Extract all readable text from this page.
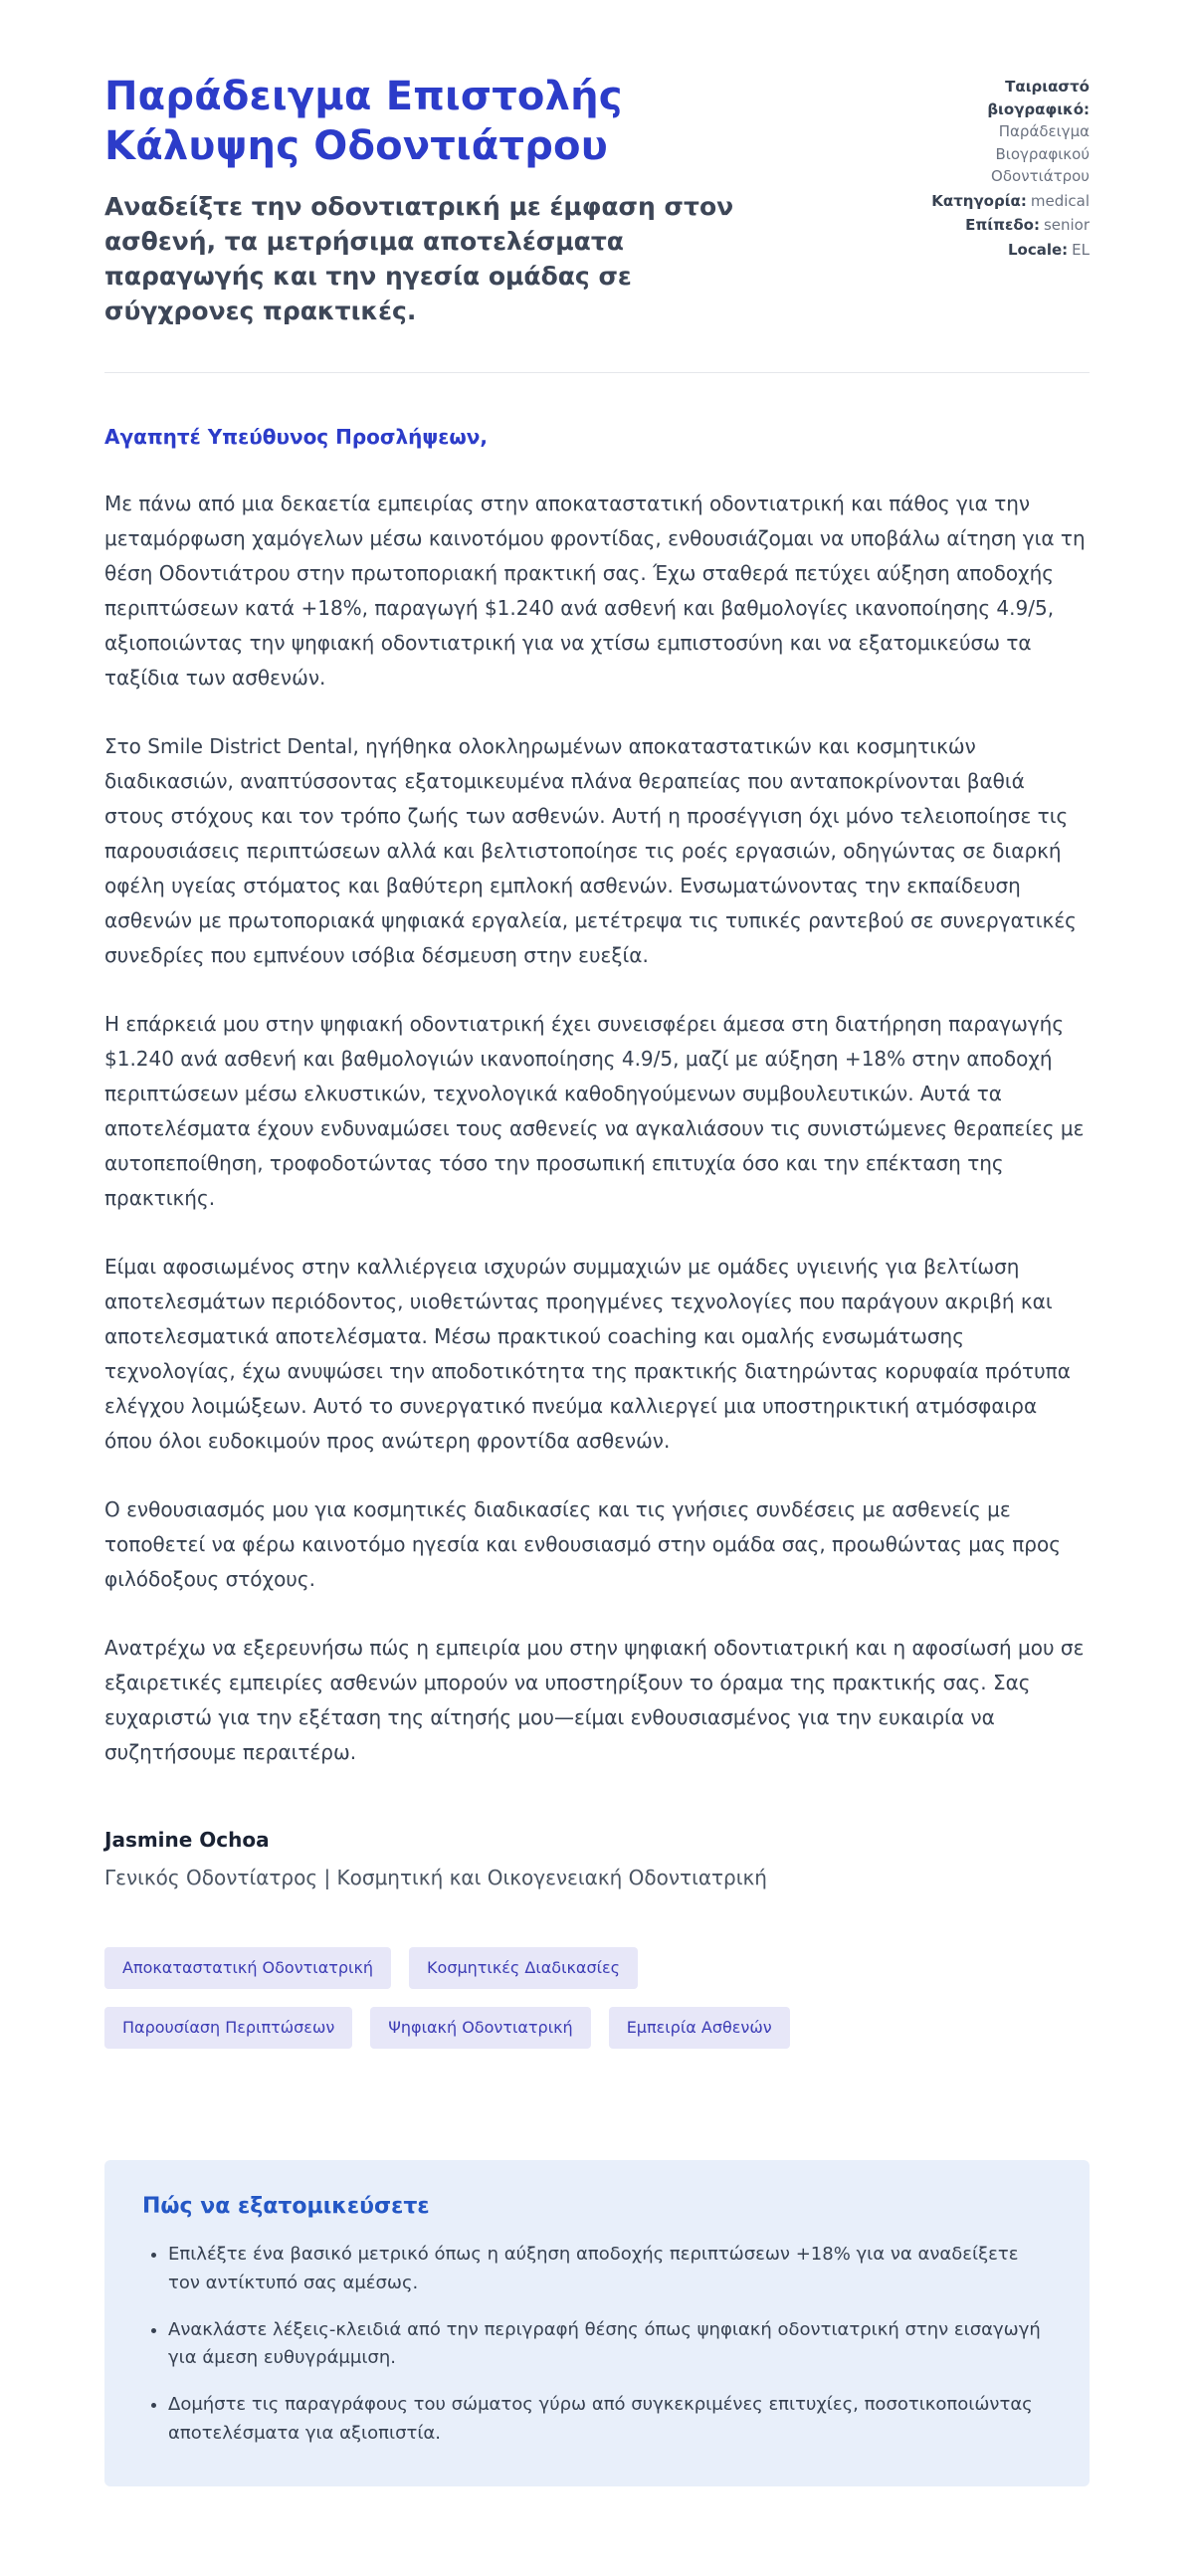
Παράδειγμα Επιστολής Κάλυψης Οδοντιάτρου

Αναδείξτε την οδοντιατρική με έμφαση στον ασθενή, τα μετρήσιμα αποτελέσματα παραγωγής και την ηγεσία ομάδας σε σύγχρονες πρακτικές.

Ταιριαστό βιογραφικό:
Παράδειγμα Βιογραφικού Οδοντιάτρου
Κατηγορία: medical
Επίπεδο: senior
Locale: EL
Αγαπητέ Υπεύθυνος Προσλήψεων,

Με πάνω από μια δεκαετία εμπειρίας στην αποκαταστατική οδοντιατρική και πάθος για την μεταμόρφωση χαμόγελων μέσω καινοτόμου φροντίδας, ενθουσιάζομαι να υποβάλω αίτηση για τη θέση Οδοντιάτρου στην πρωτοποριακή πρακτική σας. Έχω σταθερά πετύχει αύξηση αποδοχής περιπτώσεων κατά +18%, παραγωγή $1.240 ανά ασθενή και βαθμολογίες ικανοποίησης 4.9/5, αξιοποιώντας την ψηφιακή οδοντιατρική για να χτίσω εμπιστοσύνη και να εξατομικεύσω τα ταξίδια των ασθενών.

Στο Smile District Dental, ηγήθηκα ολοκληρωμένων αποκαταστατικών και κοσμητικών διαδικασιών, αναπτύσσοντας εξατομικευμένα πλάνα θεραπείας που ανταποκρίνονται βαθιά στους στόχους και τον τρόπο ζωής των ασθενών. Αυτή η προσέγγιση όχι μόνο τελειοποίησε τις παρουσιάσεις περιπτώσεων αλλά και βελτιστοποίησε τις ροές εργασιών, οδηγώντας σε διαρκή οφέλη υγείας στόματος και βαθύτερη εμπλοκή ασθενών. Ενσωματώνοντας την εκπαίδευση ασθενών με πρωτοποριακά ψηφιακά εργαλεία, μετέτρεψα τις τυπικές ραντεβού σε συνεργατικές συνεδρίες που εμπνέουν ισόβια δέσμευση στην ευεξία.

Η επάρκειά μου στην ψηφιακή οδοντιατρική έχει συνεισφέρει άμεσα στη διατήρηση παραγωγής $1.240 ανά ασθενή και βαθμολογιών ικανοποίησης 4.9/5, μαζί με αύξηση +18% στην αποδοχή περιπτώσεων μέσω ελκυστικών, τεχνολογικά καθοδηγούμενων συμβουλευτικών. Αυτά τα αποτελέσματα έχουν ενδυναμώσει τους ασθενείς να αγκαλιάσουν τις συνιστώμενες θεραπείες με αυτοπεποίθηση, τροφοδοτώντας τόσο την προσωπική επιτυχία όσο και την επέκταση της πρακτικής.

Είμαι αφοσιωμένος στην καλλιέργεια ισχυρών συμμαχιών με ομάδες υγιεινής για βελτίωση αποτελεσμάτων περιόδοντος, υιοθετώντας προηγμένες τεχνολογίες που παράγουν ακριβή και αποτελεσματικά αποτελέσματα. Μέσω πρακτικού coaching και ομαλής ενσωμάτωσης τεχνολογίας, έχω ανυψώσει την αποδοτικότητα της πρακτικής διατηρώντας κορυφαία πρότυπα ελέγχου λοιμώξεων. Αυτό το συνεργατικό πνεύμα καλλιεργεί μια υποστηρικτική ατμόσφαιρα όπου όλοι ευδοκιμούν προς ανώτερη φροντίδα ασθενών.

Ο ενθουσιασμός μου για κοσμητικές διαδικασίες και τις γνήσιες συνδέσεις με ασθενείς με τοποθετεί να φέρω καινοτόμο ηγεσία και ενθουσιασμό στην ομάδα σας, προωθώντας μας προς φιλόδοξους στόχους.

Ανατρέχω να εξερευνήσω πώς η εμπειρία μου στην ψηφιακή οδοντιατρική και η αφοσίωσή μου σε εξαιρετικές εμπειρίες ασθενών μπορούν να υποστηρίξουν το όραμα της πρακτικής σας. Σας ευχαριστώ για την εξέταση της αίτησής μου—είμαι ενθουσιασμένος για την ευκαιρία να συζητήσουμε περαιτέρω.

Jasmine Ochoa
Γενικός Οδοντίατρος | Κοσμητική και Οικογενειακή Οδοντιατρική
Αποκαταστατική Οδοντιατρική	Κοσμητικές Διαδικασίες
Παρουσίαση Περιπτώσεων	Ψηφιακή Οδοντιατρική	Εμπειρία Ασθενών
Πώς να εξατομικεύσετε
• Επιλέξτε ένα βασικό μετρικό όπως η αύξηση αποδοχής περιπτώσεων +18% για να αναδείξετε τον αντίκτυπό σας αμέσως.
• Ανακλάστε λέξεις-κλειδιά από την περιγραφή θέσης όπως ψηφιακή οδοντιατρική στην εισαγωγή για άμεση ευθυγράμμιση.
• Δομήστε τις παραγράφους του σώματος γύρω από συγκεκριμένες επιτυχίες, ποσοτικοποιώντας αποτελέσματα για αξιοπιστία.
